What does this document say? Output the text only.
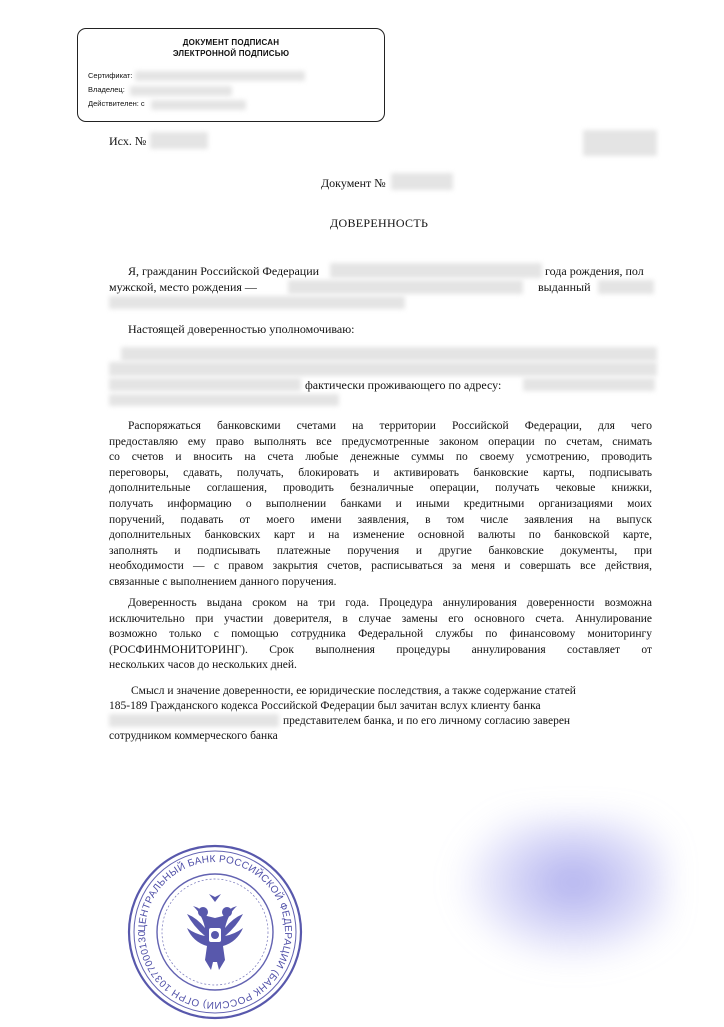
ДОКУМЕНТ ПОДПИСАН
ЭЛЕКТРОННОЙ ПОДПИСЬЮ
Сертификат:
Владелец:
Действителен: с
Исх. №
Документ №
ДОВЕРЕННОСТЬ
Я, гражданин Российской Федерации	года рождения, пол
мужской, место рождения —	выданный
Настоящей доверенностью уполномочиваю:
фактически проживающего по адресу:
Распоряжаться банковскими счетами на территории Российской Федерации, для чего
предоставляю ему право выполнять все предусмотренные законом операции по счетам, снимать
со счетов и вносить на счета любые денежные суммы по своему усмотрению, проводить
переговоры, сдавать, получать, блокировать и активировать банковские карты, подписывать
дополнительные соглашения, проводить безналичные операции, получать чековые книжки,
получать информацию о выполнении банками и иными кредитными организациями моих
поручений, подавать от моего имени заявления, в том числе заявления на выпуск
дополнительных банковских карт и на изменение основной валюты по банковской карте,
заполнять и подписывать платежные поручения и другие банковские документы, при
необходимости — с правом закрытия счетов, расписываться за меня и совершать все действия,
связанные с выполнением данного поручения.
Доверенность выдана сроком на три года. Процедура аннулирования доверенности возможна
исключительно при участии доверителя, в случае замены его основного счета. Аннулирование
возможно только с помощью сотрудника Федеральной службы по финансовому мониторингу
(РОСФИНМОНИТОРИНГ). Срок выполнения процедуры аннулирования составляет от
нескольких часов до нескольких дней.
Смысл и значение доверенности, ее юридические последствия, а также содержание статей
185-189 Гражданского кодекса Российской Федерации был зачитан вслух клиенту банка
представителем банка, и по его личному согласию заверен
сотрудником коммерческого банка
ЦЕНТРАЛЬНЫЙ БАНК РОССИЙСКОЙ ФЕДЕРАЦИИ (БАНК РОССИИ) ОГРН 10377000130
